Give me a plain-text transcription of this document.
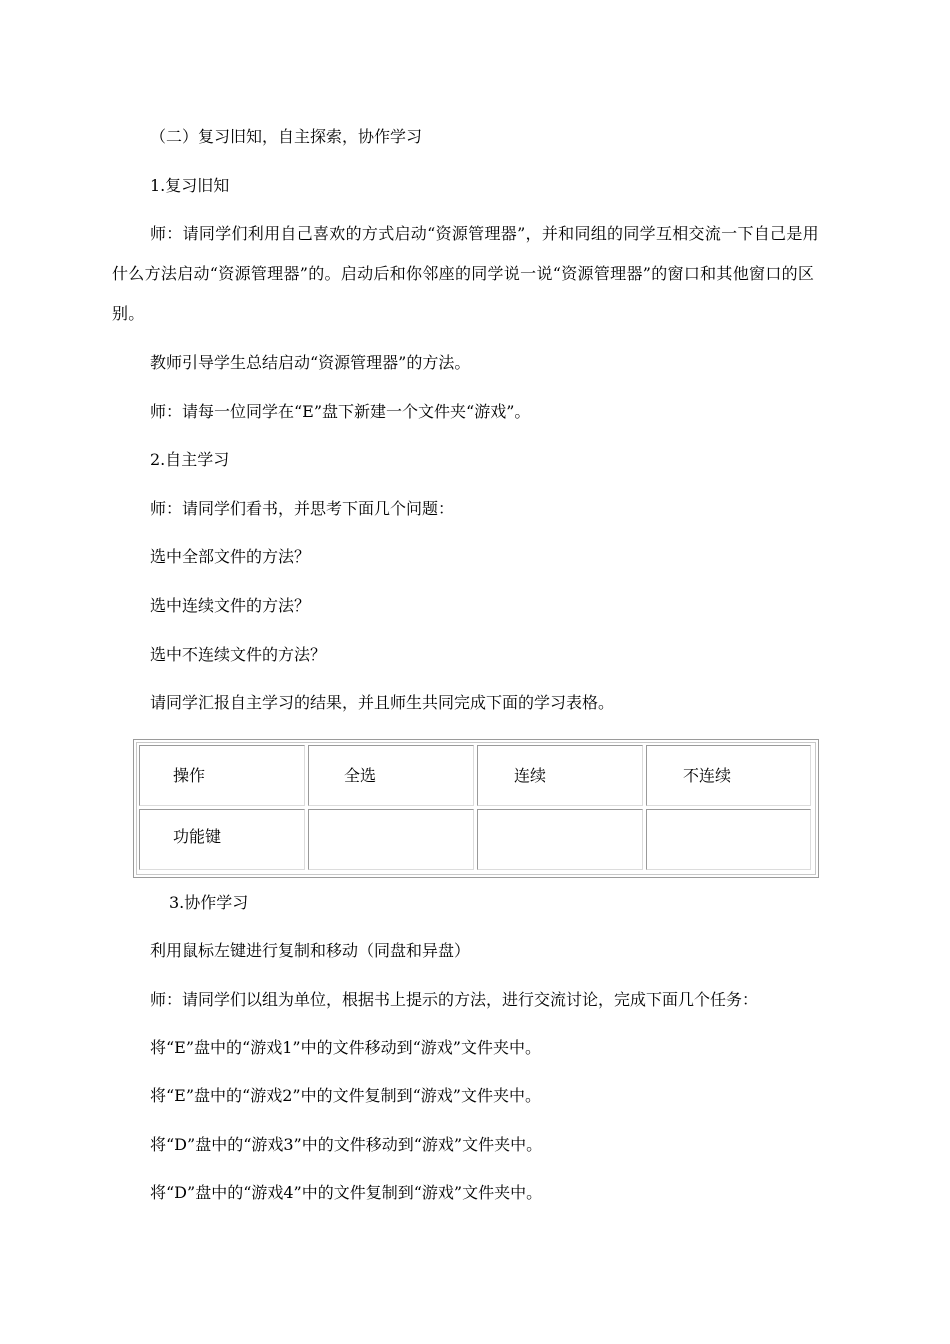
（二）复习旧知，自主探索，协作学习

1.复习旧知

师：请同学们利用自己喜欢的方式启动“资源管理器”，并和同组的同学互相交流一下自己是用什么方法启动“资源管理器”的。启动后和你邻座的同学说一说“资源管理器”的窗口和其他窗口的区别。

教师引导学生总结启动“资源管理器”的方法。

师：请每一位同学在“E”盘下新建一个文件夹“游戏”。

2.自主学习

师：请同学们看书，并思考下面几个问题：

选中全部文件的方法？

选中连续文件的方法？

选中不连续文件的方法？

请同学汇报自主学习的结果，并且师生共同完成下面的学习表格。

操作	全选	连续	不连续
功能键

3.协作学习

利用鼠标左键进行复制和移动（同盘和异盘）

师：请同学们以组为单位，根据书上提示的方法，进行交流讨论，完成下面几个任务：

将“E”盘中的“游戏1”中的文件移动到“游戏”文件夹中。

将“E”盘中的“游戏2”中的文件复制到“游戏”文件夹中。

将“D”盘中的“游戏3”中的文件移动到“游戏”文件夹中。

将“D”盘中的“游戏4”中的文件复制到“游戏”文件夹中。
